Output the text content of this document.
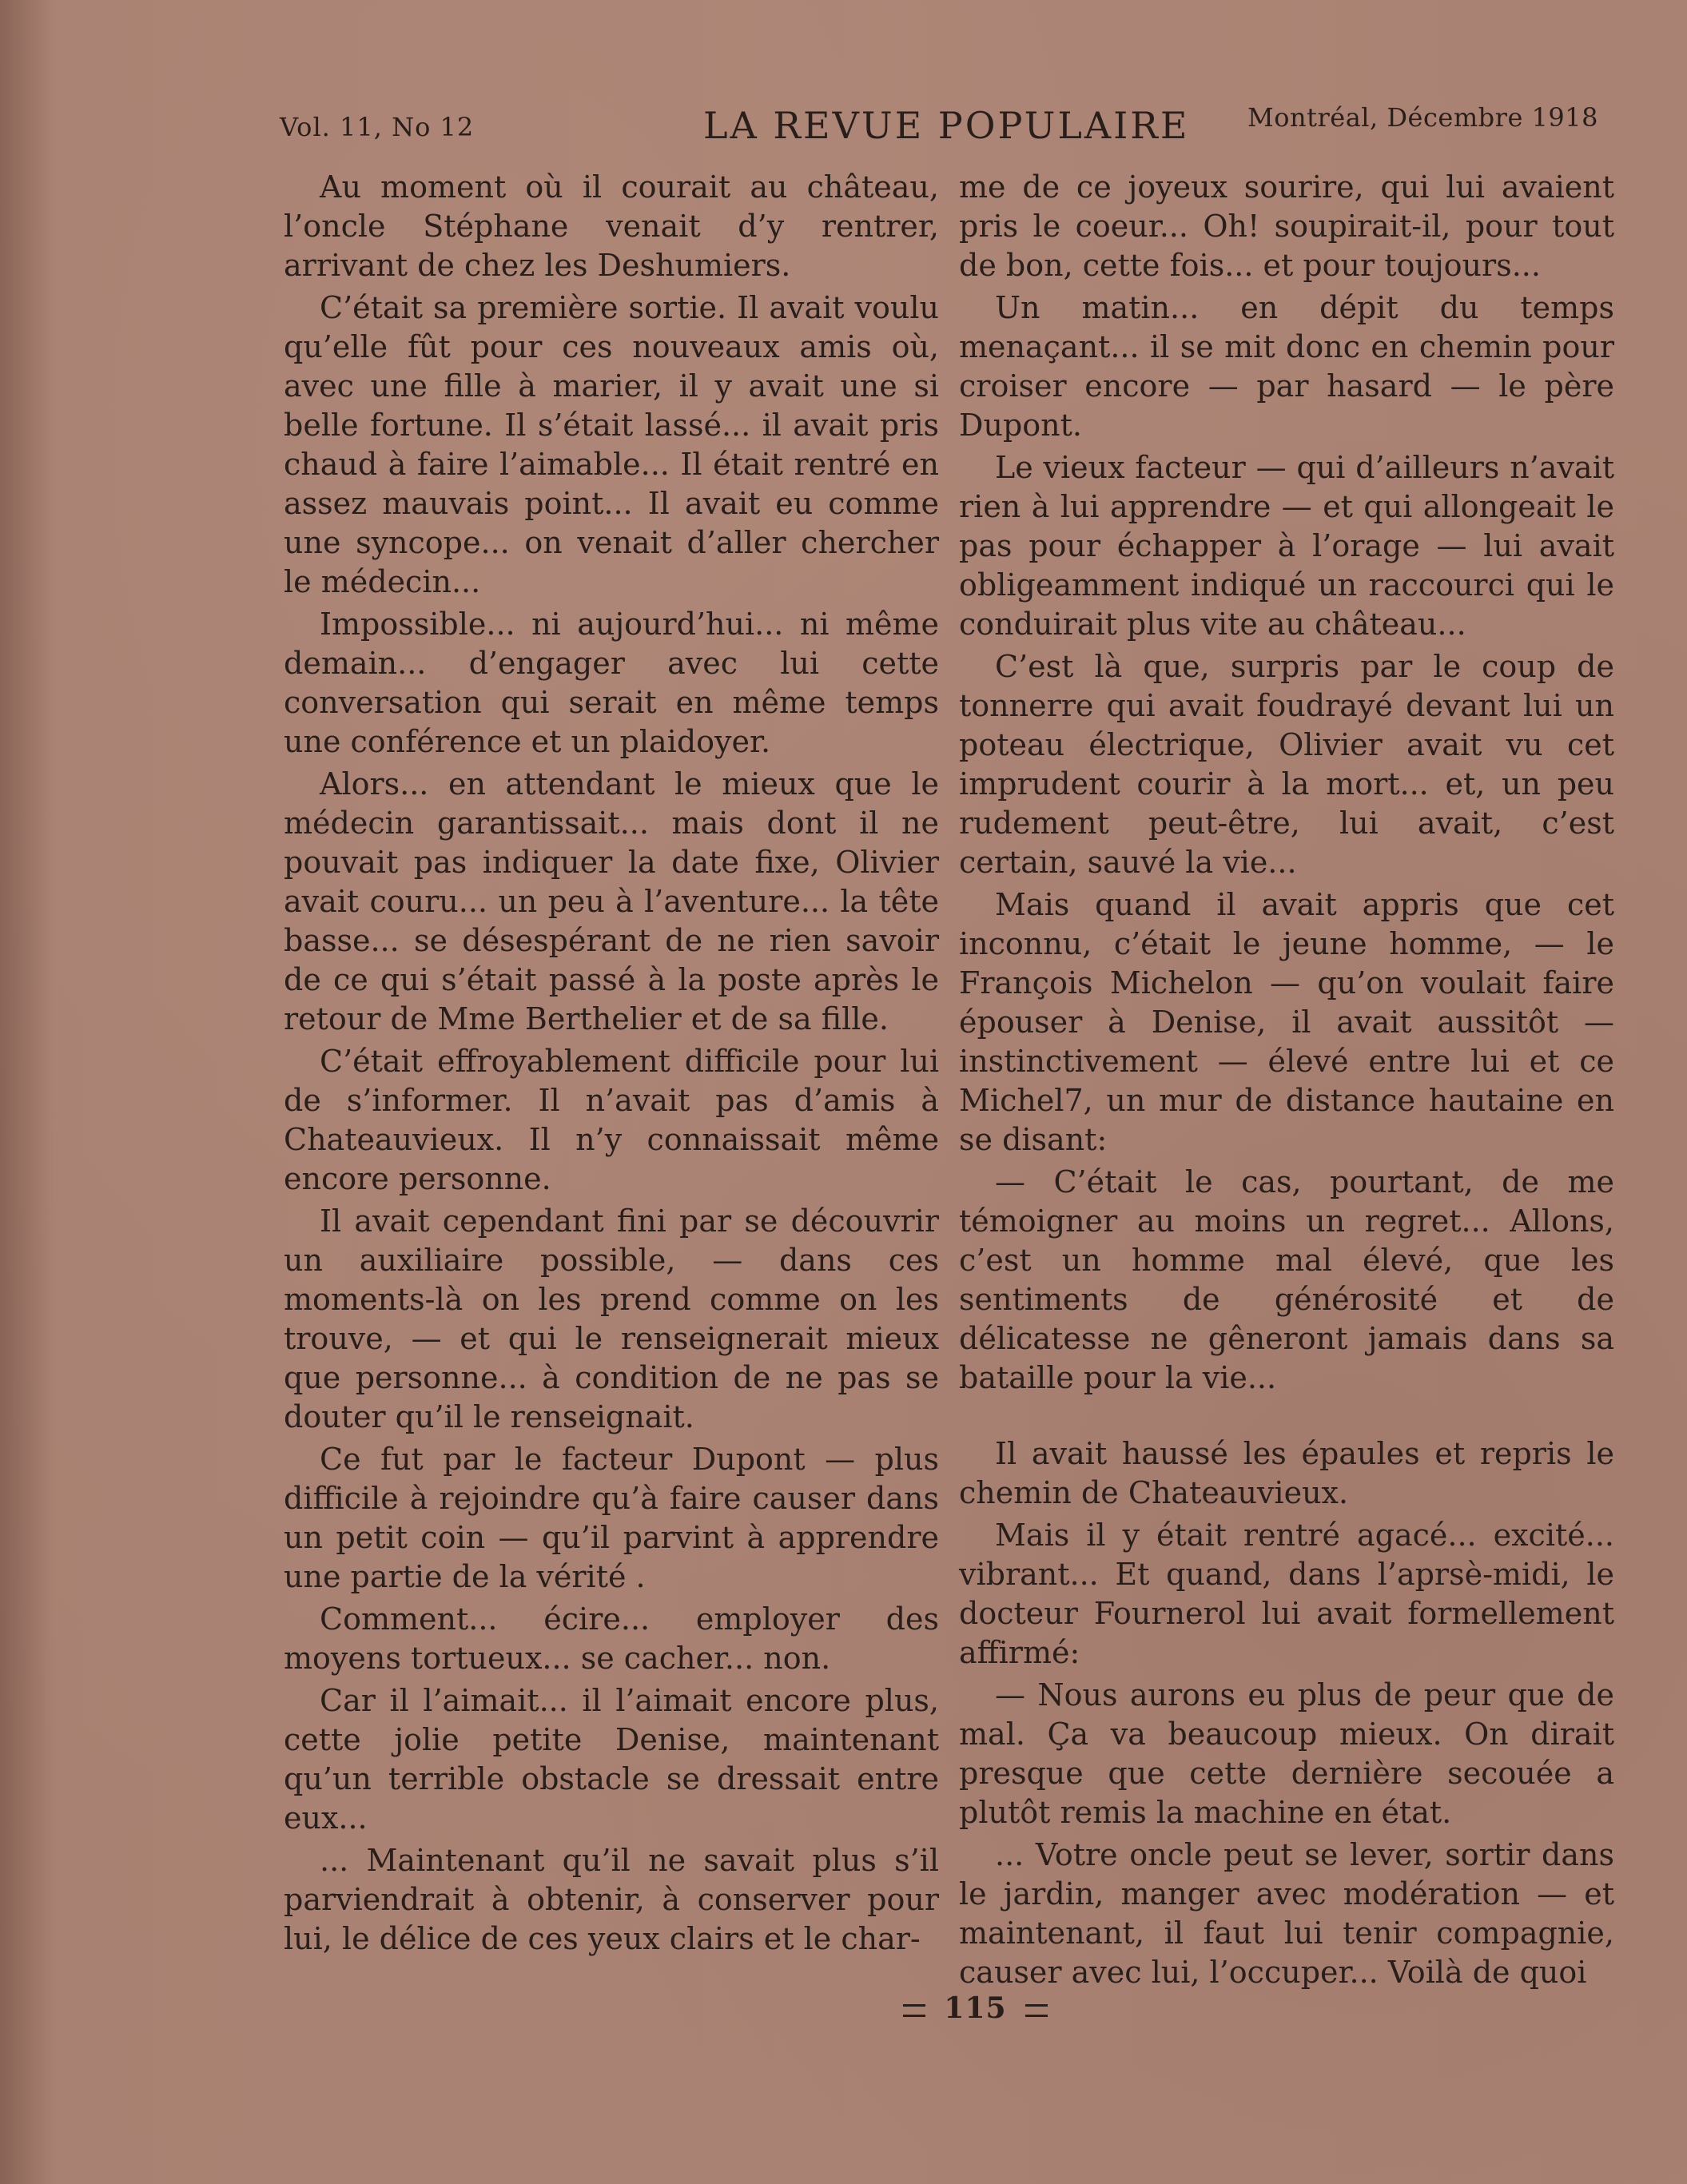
Vol. 11, No 12	LA REVUE POPULAIRE Montréal, Décembre 1918

Au moment où il courait au château, l’oncle Stéphane venait d’y rentrer, arrivant de chez les Deshumiers.

C’était sa première sortie. Il avait voulu qu’elle fût pour ces nouveaux amis où, avec une fille à marier, il y avait une si belle fortune. Il s’était lassé... il avait pris chaud à faire l’aimable... Il était rentré en assez mauvais point... Il avait eu comme une syncope... on venait d’aller chercher le médecin...

Impossible... ni aujourd’hui... ni même demain... d’engager avec lui cette conversation qui serait en même temps une conférence et un plaidoyer.

Alors... en attendant le mieux que le médecin garantissait... mais dont il ne pouvait pas indiquer la date fixe, Olivier avait couru... un peu à l’aventure... la tête basse... se désespérant de ne rien savoir de ce qui s’était passé à la poste après le retour de Mme Berthelier et de sa fille.

C’était effroyablement difficile pour lui de s’informer. Il n’avait pas d’amis à Chateauvieux. Il n’y connaissait même encore personne.

Il avait cependant fini par se découvrir un auxiliaire possible, — dans ces moments-là on les prend comme on les trouve, — et qui le renseignerait mieux que personne... à condition de ne pas se douter qu’il le renseignait.

Ce fut par le facteur Dupont — plus difficile à rejoindre qu’à faire causer dans un petit coin — qu’il parvint à apprendre une partie de la vérité .

Comment... écire... employer des moyens tortueux... se cacher... non.

Car il l’aimait... il l’aimait encore plus, cette jolie petite Denise, maintenant qu’un terrible obstacle se dressait entre eux...

... Maintenant qu’il ne savait plus s’il parviendrait à obtenir, à conserver pour lui, le délice de ces yeux clairs et le char-

me de ce joyeux sourire, qui lui avaient pris le coeur... Oh! soupirait-il, pour tout de bon, cette fois... et pour toujours...

Un matin... en dépit du temps menaçant... il se mit donc en chemin pour croiser encore — par hasard — le père Dupont.

Le vieux facteur — qui d’ailleurs n’avait rien à lui apprendre — et qui allongeait le pas pour échapper à l’orage — lui avait obligeamment indiqué un raccourci qui le conduirait plus vite au château...

C’est là que, surpris par le coup de tonnerre qui avait foudrayé devant lui un poteau électrique, Olivier avait vu cet imprudent courir à la mort... et, un peu rudement peut-être, lui avait, c’est certain, sauvé la vie...

Mais quand il avait appris que cet inconnu, c’était le jeune homme, — le François Michelon — qu’on voulait faire épouser à Denise, il avait aussitôt — instinctivement — élevé entre lui et ce Michel7, un mur de distance hautaine en se disant:

— C’était le cas, pourtant, de me témoigner au moins un regret... Allons, c’est un homme mal élevé, que les sentiments de générosité et de délicatesse ne gêneront jamais dans sa bataille pour la vie...

Il avait haussé les épaules et repris le chemin de Chateauvieux.

Mais il y était rentré agacé... excité... vibrant... Et quand, dans l’aprsè-midi, le docteur Fournerol lui avait formellement affirmé:

— Nous aurons eu plus de peur que de mal. Ça va beaucoup mieux. On dirait presque que cette dernière secouée a plutôt remis la machine en état.

... Votre oncle peut se lever, sortir dans le jardin, manger avec modération — et maintenant, il faut lui tenir compagnie, causer avec lui, l’occuper... Voilà de quoi

115
